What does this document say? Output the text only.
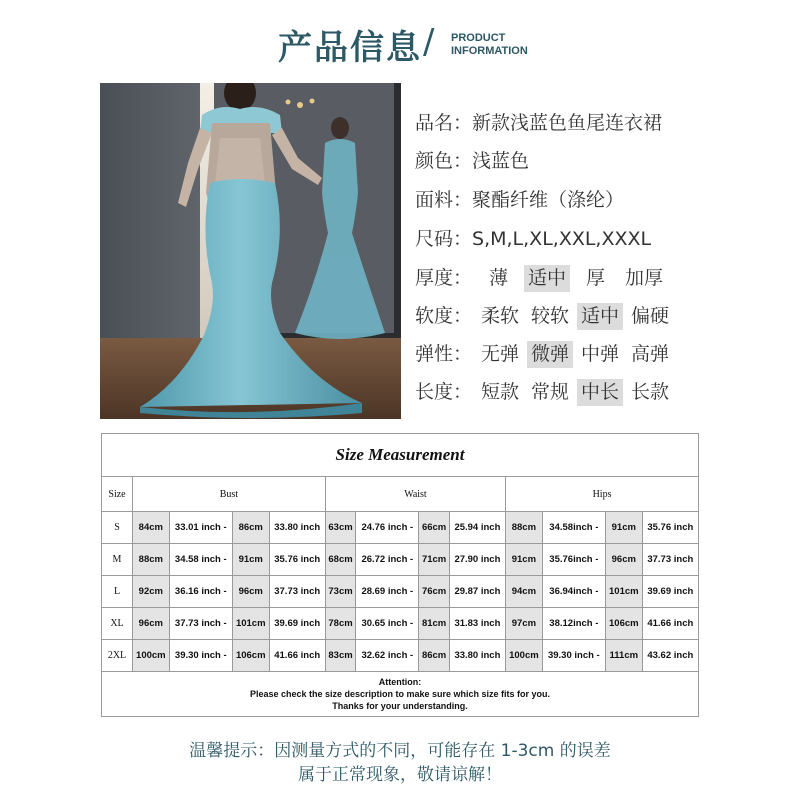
产品信息 / PRODUCT
INFORMATION
品名：新款浅蓝色鱼尾连衣裙
颜色：浅蓝色
面料：聚酯纤维（涤纶）
尺码：S,M,L,XL,XXL,XXXL
厚度： 薄 适中 厚 加厚
软度： 柔软 较软 适中 偏硬
弹性： 无弹 微弹 中弹 高弹
长度： 短款 常规 中长 长款
Size Measurement												
Size	Bust				Waist				Hips			
S	84cm	33.01 inch -	86cm	33.80 inch	63cm	24.76 inch -	66cm	25.94 inch	88cm	34.58inch -	91cm	35.76 inch
M	88cm	34.58 inch -	91cm	35.76 inch	68cm	26.72 inch -	71cm	27.90 inch	91cm	35.76inch -	96cm	37.73 inch
L	92cm	36.16 inch -	96cm	37.73 inch	73cm	28.69 inch -	76cm	29.87 inch	94cm	36.94inch -	101cm	39.69 inch
XL	96cm	37.73 inch -	101cm	39.69 inch	78cm	30.65 inch -	81cm	31.83 inch	97cm	38.12inch -	106cm	41.66 inch
2XL	100cm	39.30 inch -	106cm	41.66 inch	83cm	32.62 inch -	86cm	33.80 inch	100cm	39.30 inch -	111cm	43.62 inch

Attention:
Please check the size description to make sure which size fits for you.
Thanks for your understanding.												
温馨提示：因测量方式的不同，可能存在 1-3cm 的误差
属于正常现象，敬请谅解！
